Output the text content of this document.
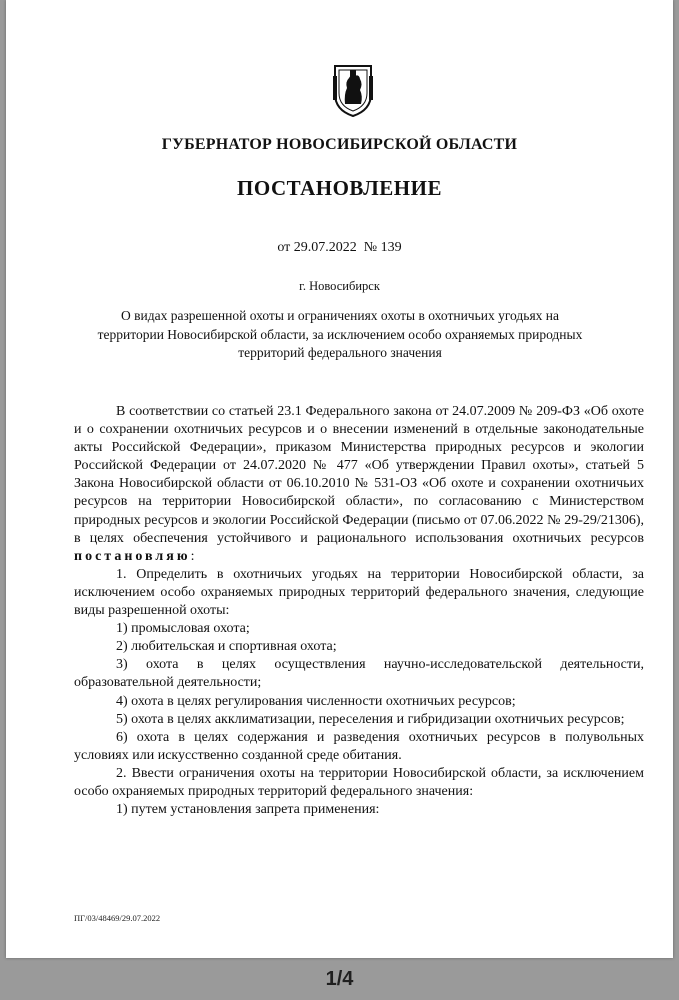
ГУБЕРНАТОР НОВОСИБИРСКОЙ ОБЛАСТИ
ПОСТАНОВЛЕНИЕ
от 29.07.2022  № 139
г. Новосибирск
О видах разрешенной охоты и ограничениях охоты в охотничьих угодьях на территории Новосибирской области, за исключением особо охраняемых природных территорий федерального значения

В соответствии со статьей 23.1 Федерального закона от 24.07.2009 № 209-ФЗ «Об охоте и о сохранении охотничьих ресурсов и о внесении изменений в отдельные законодательные акты Российской Федерации», приказом Министерства природных ресурсов и экологии Российской Федерации от 24.07.2020 № 477 «Об утверждении Правил охоты», статьей 5 Закона Новосибирской области от 06.10.2010 № 531-ОЗ «Об охоте и сохранении охотничьих ресурсов на территории Новосибирской области», по согласованию с Министерством природных ресурсов и экологии Российской Федерации (письмо от 07.06.2022 № 29-29/21306), в целях обеспечения устойчивого и рационального использования охотничьих ресурсов постановляю:

1. Определить в охотничьих угодьях на территории Новосибирской области, за исключением особо охраняемых природных территорий федерального значения, следующие виды разрешенной охоты:

1) промысловая охота;

2) любительская и спортивная охота;

3) охота в целях осуществления научно-исследовательской деятельности, образовательной деятельности;

4) охота в целях регулирования численности охотничьих ресурсов;

5) охота в целях акклиматизации, переселения и гибридизации охотничьих ресурсов;

6) охота в целях содержания и разведения охотничьих ресурсов в полувольных условиях или искусственно созданной среде обитания.

2. Ввести ограничения охоты на территории Новосибирской области, за исключением особо охраняемых природных территорий федерального значения:

1) путем установления запрета применения:

ПГ/03/48469/29.07.2022
1/4
